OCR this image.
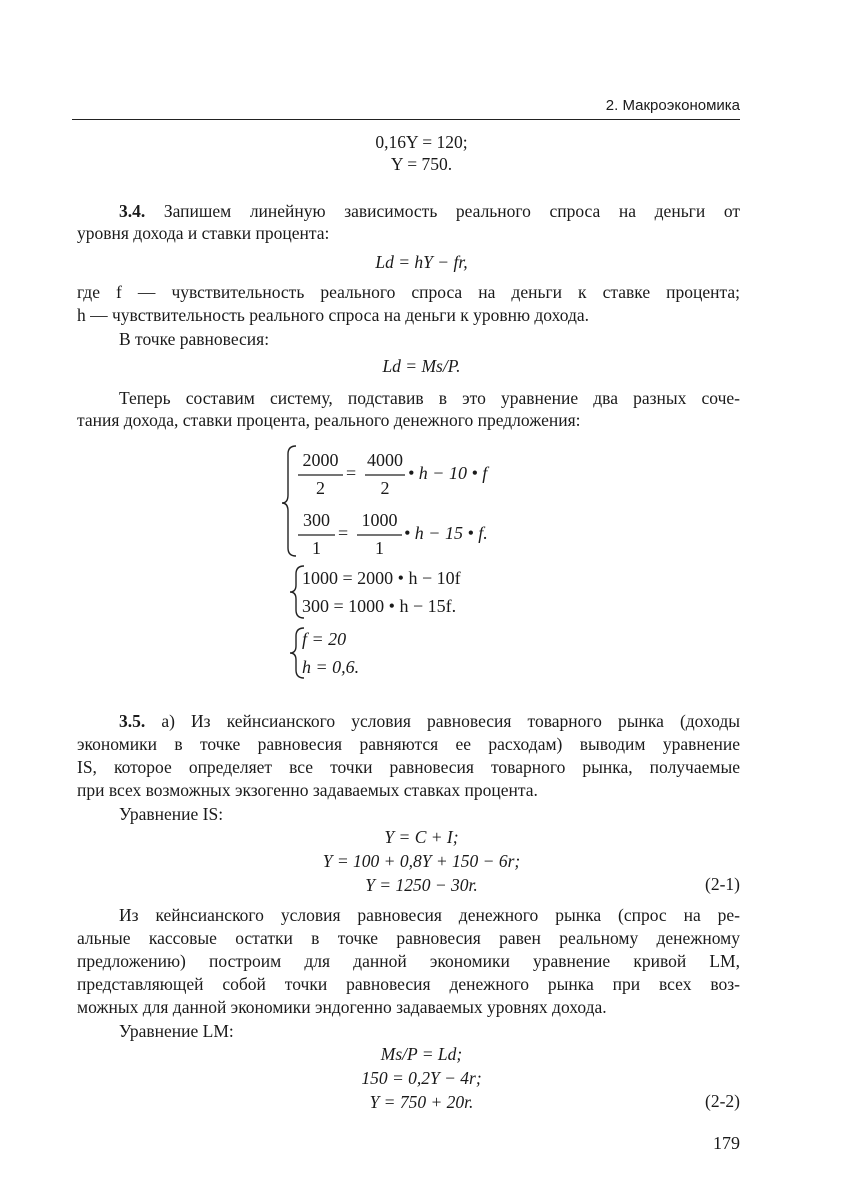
2. Макроэкономика
0,16Y = 120;
Y = 750.
3.4. Запишем линейную зависимость реального спроса на деньги от
уровня дохода и ставки процента:
Ld = hY − fr,
где f — чувствительность реального спроса на деньги к ставке процента;
h — чувствительность реального спроса на деньги к уровню дохода.
В точке равновесия:
Ld = Ms/P.
Теперь составим систему, подставив в это уравнение два разных соче-
тания дохода, ставки процента, реального денежного предложения:
2000
2
=
4000
2
• h − 10 • f
300
1
=
1000
1
• h − 15 • f.
1000 = 2000 • h − 10f
300 = 1000 • h − 15f.
f = 20
h = 0,6.
3.5. а) Из кейнсианского условия равновесия товарного рынка (доходы
экономики в точке равновесия равняются ее расходам) выводим уравнение
IS, которое определяет все точки равновесия товарного рынка, получаемые
при всех возможных экзогенно задаваемых ставках процента.
Уравнение IS:
Y = C + I;
Y = 100 + 0,8Y + 150 − 6r;
Y = 1250 − 30r.	(2-1)
Из кейнсианского условия равновесия денежного рынка (спрос на ре-
альные кассовые остатки в точке равновесия равен реальному денежному
предложению) построим для данной экономики уравнение кривой LM,
представляющей собой точки равновесия денежного рынка при всех воз-
можных для данной экономики эндогенно задаваемых уровнях дохода.
Уравнение LM:
Ms/P = Ld;
150 = 0,2Y − 4r;
Y = 750 + 20r.	(2-2)
179
